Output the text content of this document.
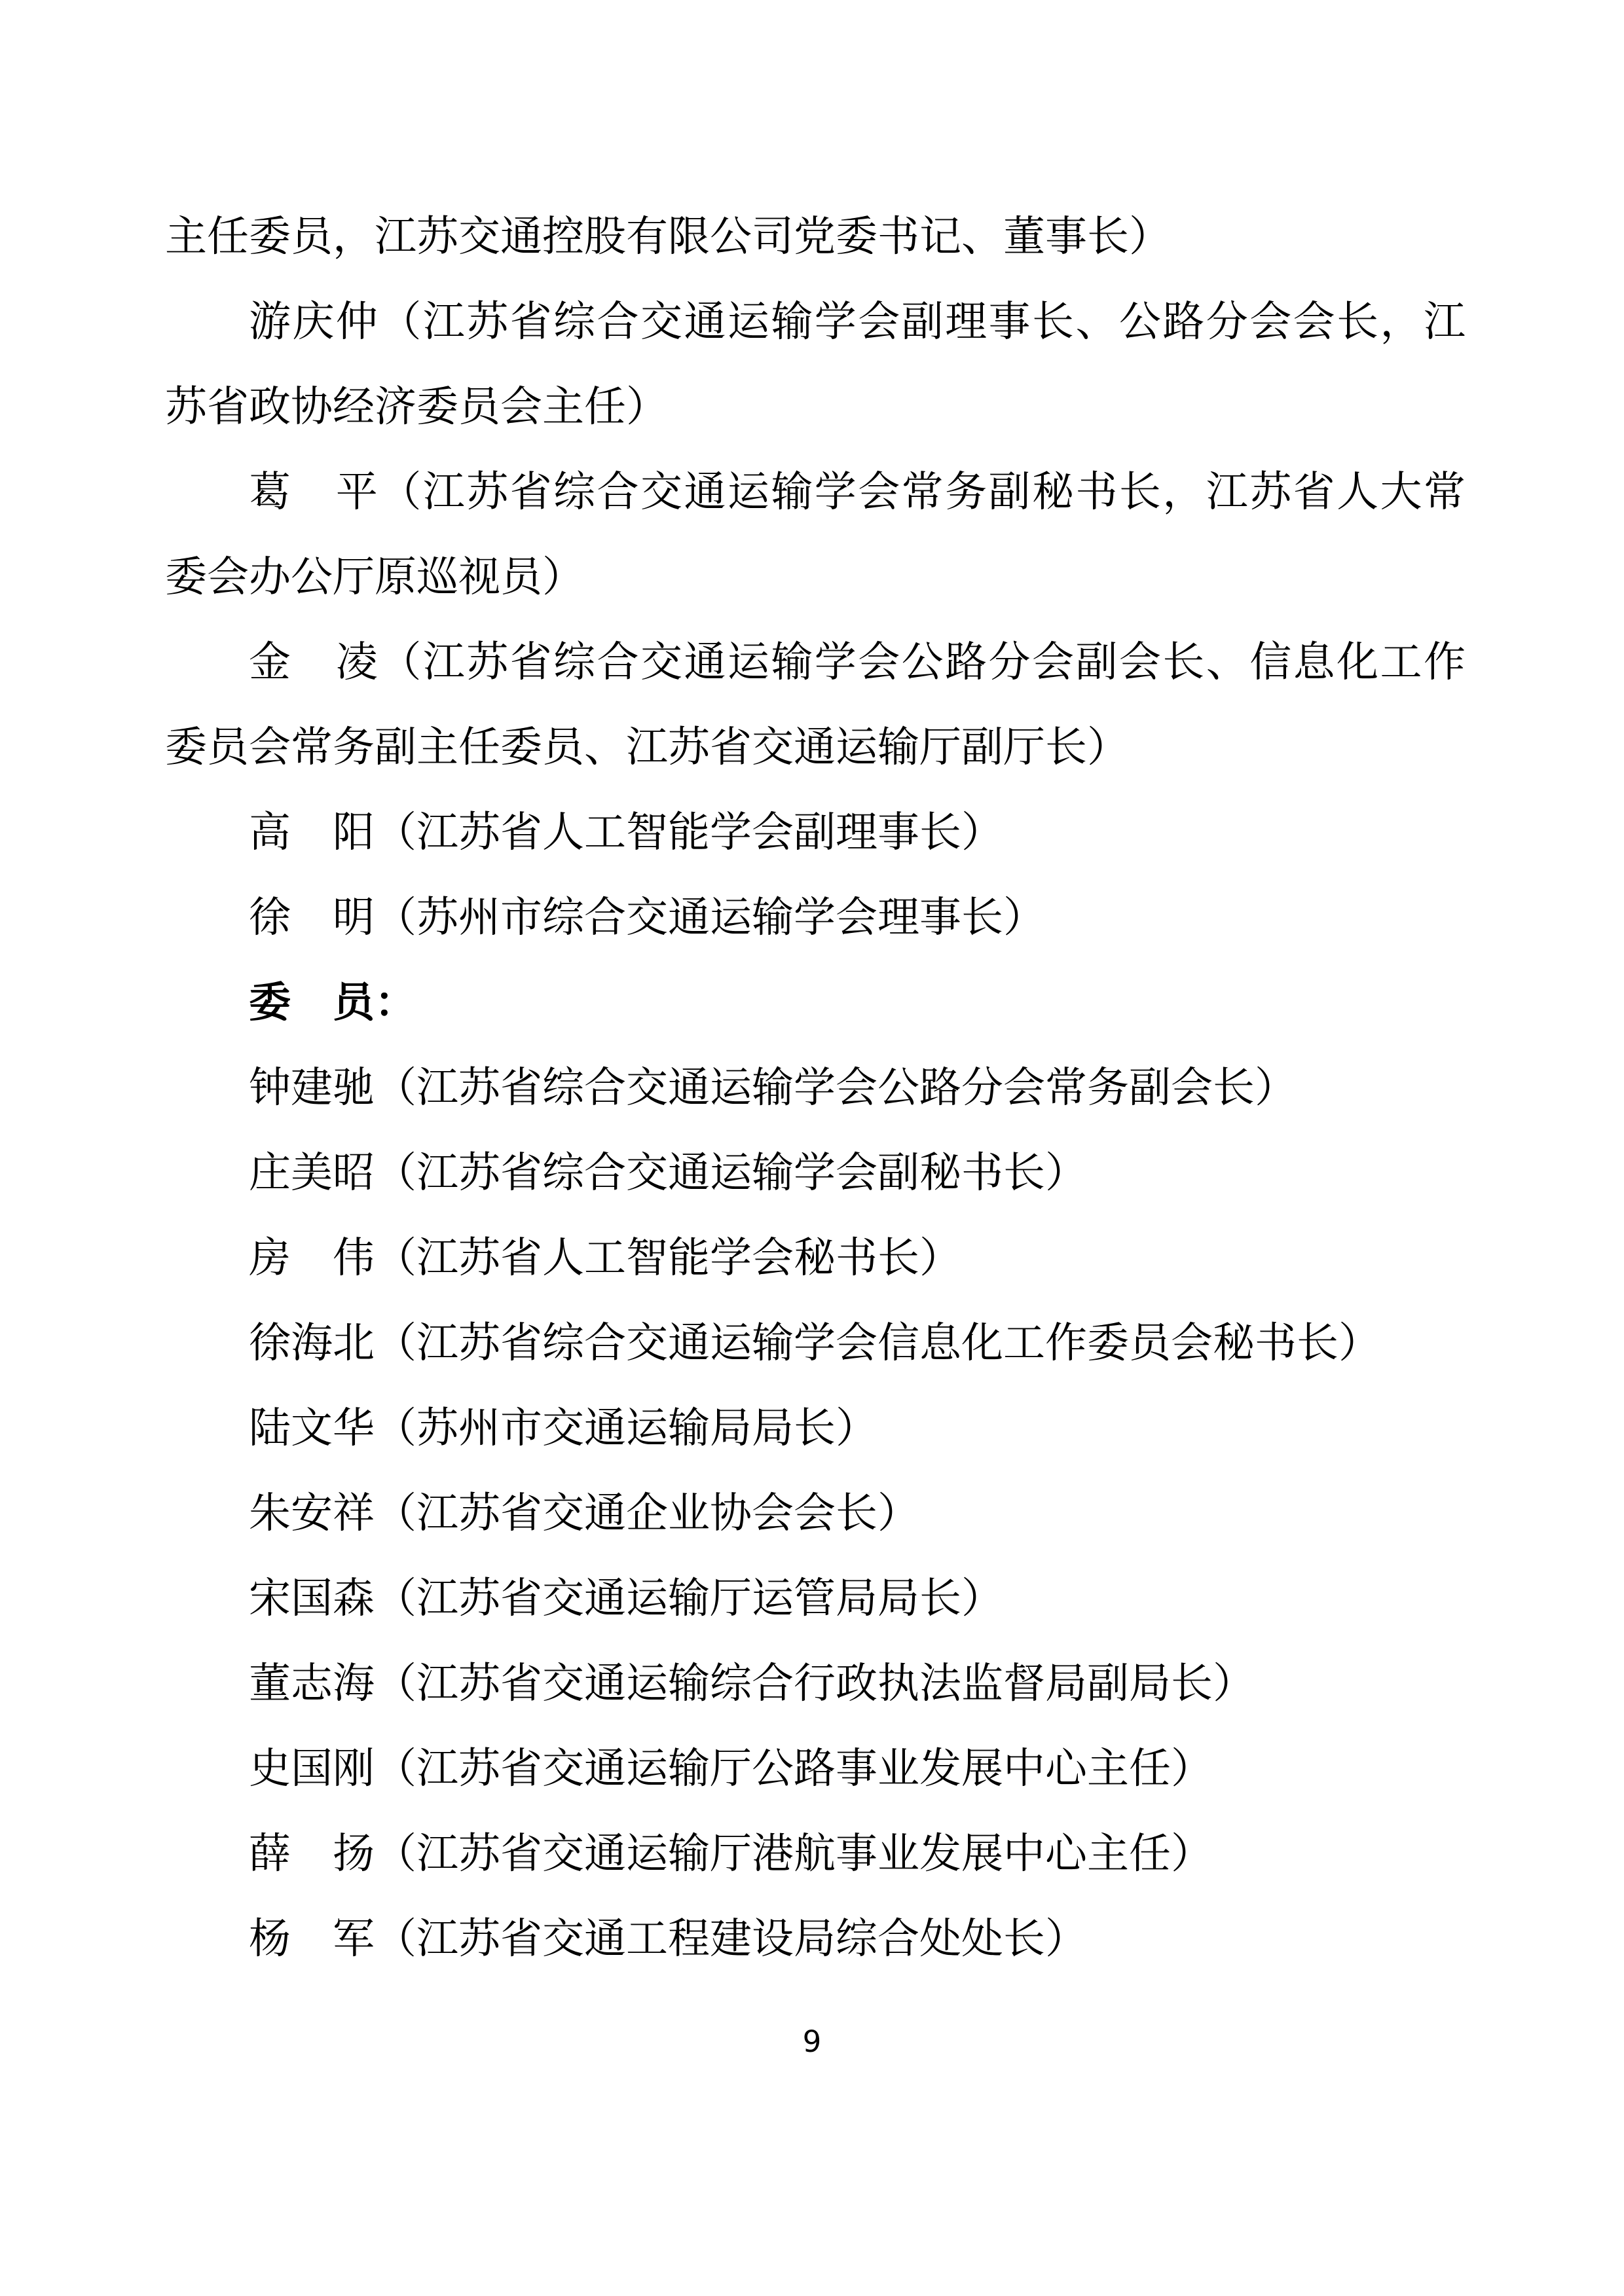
主任委员，江苏交通控股有限公司党委书记、董事长）
游庆仲（江苏省综合交通运输学会副理事长、公路分会会长，江
苏省政协经济委员会主任）
葛　平（江苏省综合交通运输学会常务副秘书长，江苏省人大常
委会办公厅原巡视员）
金　凌（江苏省综合交通运输学会公路分会副会长、信息化工作
委员会常务副主任委员、江苏省交通运输厅副厅长）
高　阳（江苏省人工智能学会副理事长）
徐　明（苏州市综合交通运输学会理事长）
委　员：
钟建驰（江苏省综合交通运输学会公路分会常务副会长）
庄美昭（江苏省综合交通运输学会副秘书长）
房　伟（江苏省人工智能学会秘书长）
徐海北（江苏省综合交通运输学会信息化工作委员会秘书长）
陆文华（苏州市交通运输局局长）
朱安祥（江苏省交通企业协会会长）
宋国森（江苏省交通运输厅运管局局长）
董志海（江苏省交通运输综合行政执法监督局副局长）
史国刚（江苏省交通运输厅公路事业发展中心主任）
薛　扬（江苏省交通运输厅港航事业发展中心主任）
杨　军（江苏省交通工程建设局综合处处长）
9
